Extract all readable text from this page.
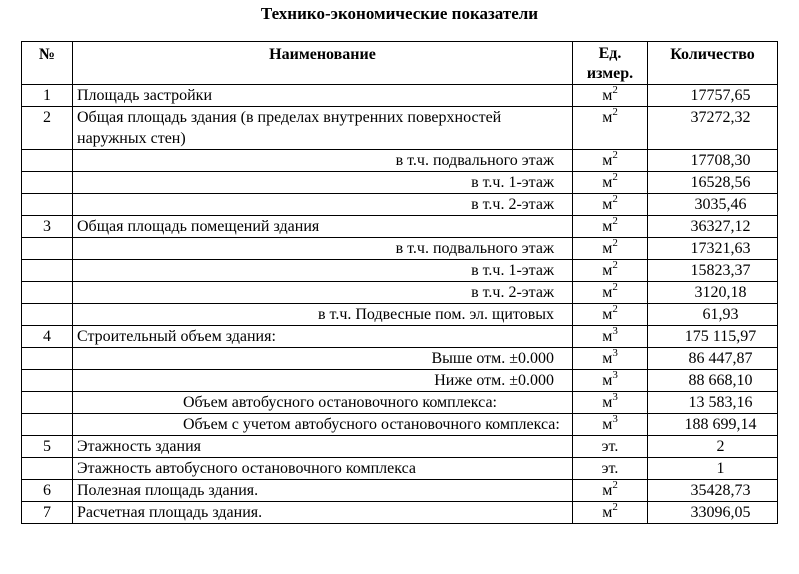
Технико-экономические показатели
№	Наименование	Ед. измер.	Количество
1	Площадь застройки	$м^2$	17757,65
2	Общая площадь здания (в пределах внутренних поверхностей наружных стен)	$м^2$	37272,32
	в т.ч. подвального этаж	$м^2$	17708,30
	в т.ч. 1-этаж	$м^2$	16528,56
	в т.ч. 2-этаж	$м^2$	3035,46
3	Общая площадь помещений здания	$м^2$	36327,12
	в т.ч. подвального этаж	$м^2$	17321,63
	в т.ч. 1-этаж	$м^2$	15823,37
	в т.ч. 2-этаж	$м^2$	3120,18
	в т.ч. Подвесные пом. эл. щитовых	$м^2$	61,93
4	Строительный объем здания:	$м^3$	175 115,97
	Выше отм. ±0.000	$м^3$	86 447,87
	Ниже отм. ±0.000	$м^3$	88 668,10
	Объем автобусного остановочного комплекса:	$м^3$	13 583,16
	Объем с учетом автобусного остановочного комплекса:	$м^3$	188 699,14
5	Этажность здания	эт.	2
	Этажность автобусного остановочного комплекса	эт.	1
6	Полезная площадь здания.	$м^2$	35428,73
7	Расчетная площадь здания.	$м^2$	33096,05
